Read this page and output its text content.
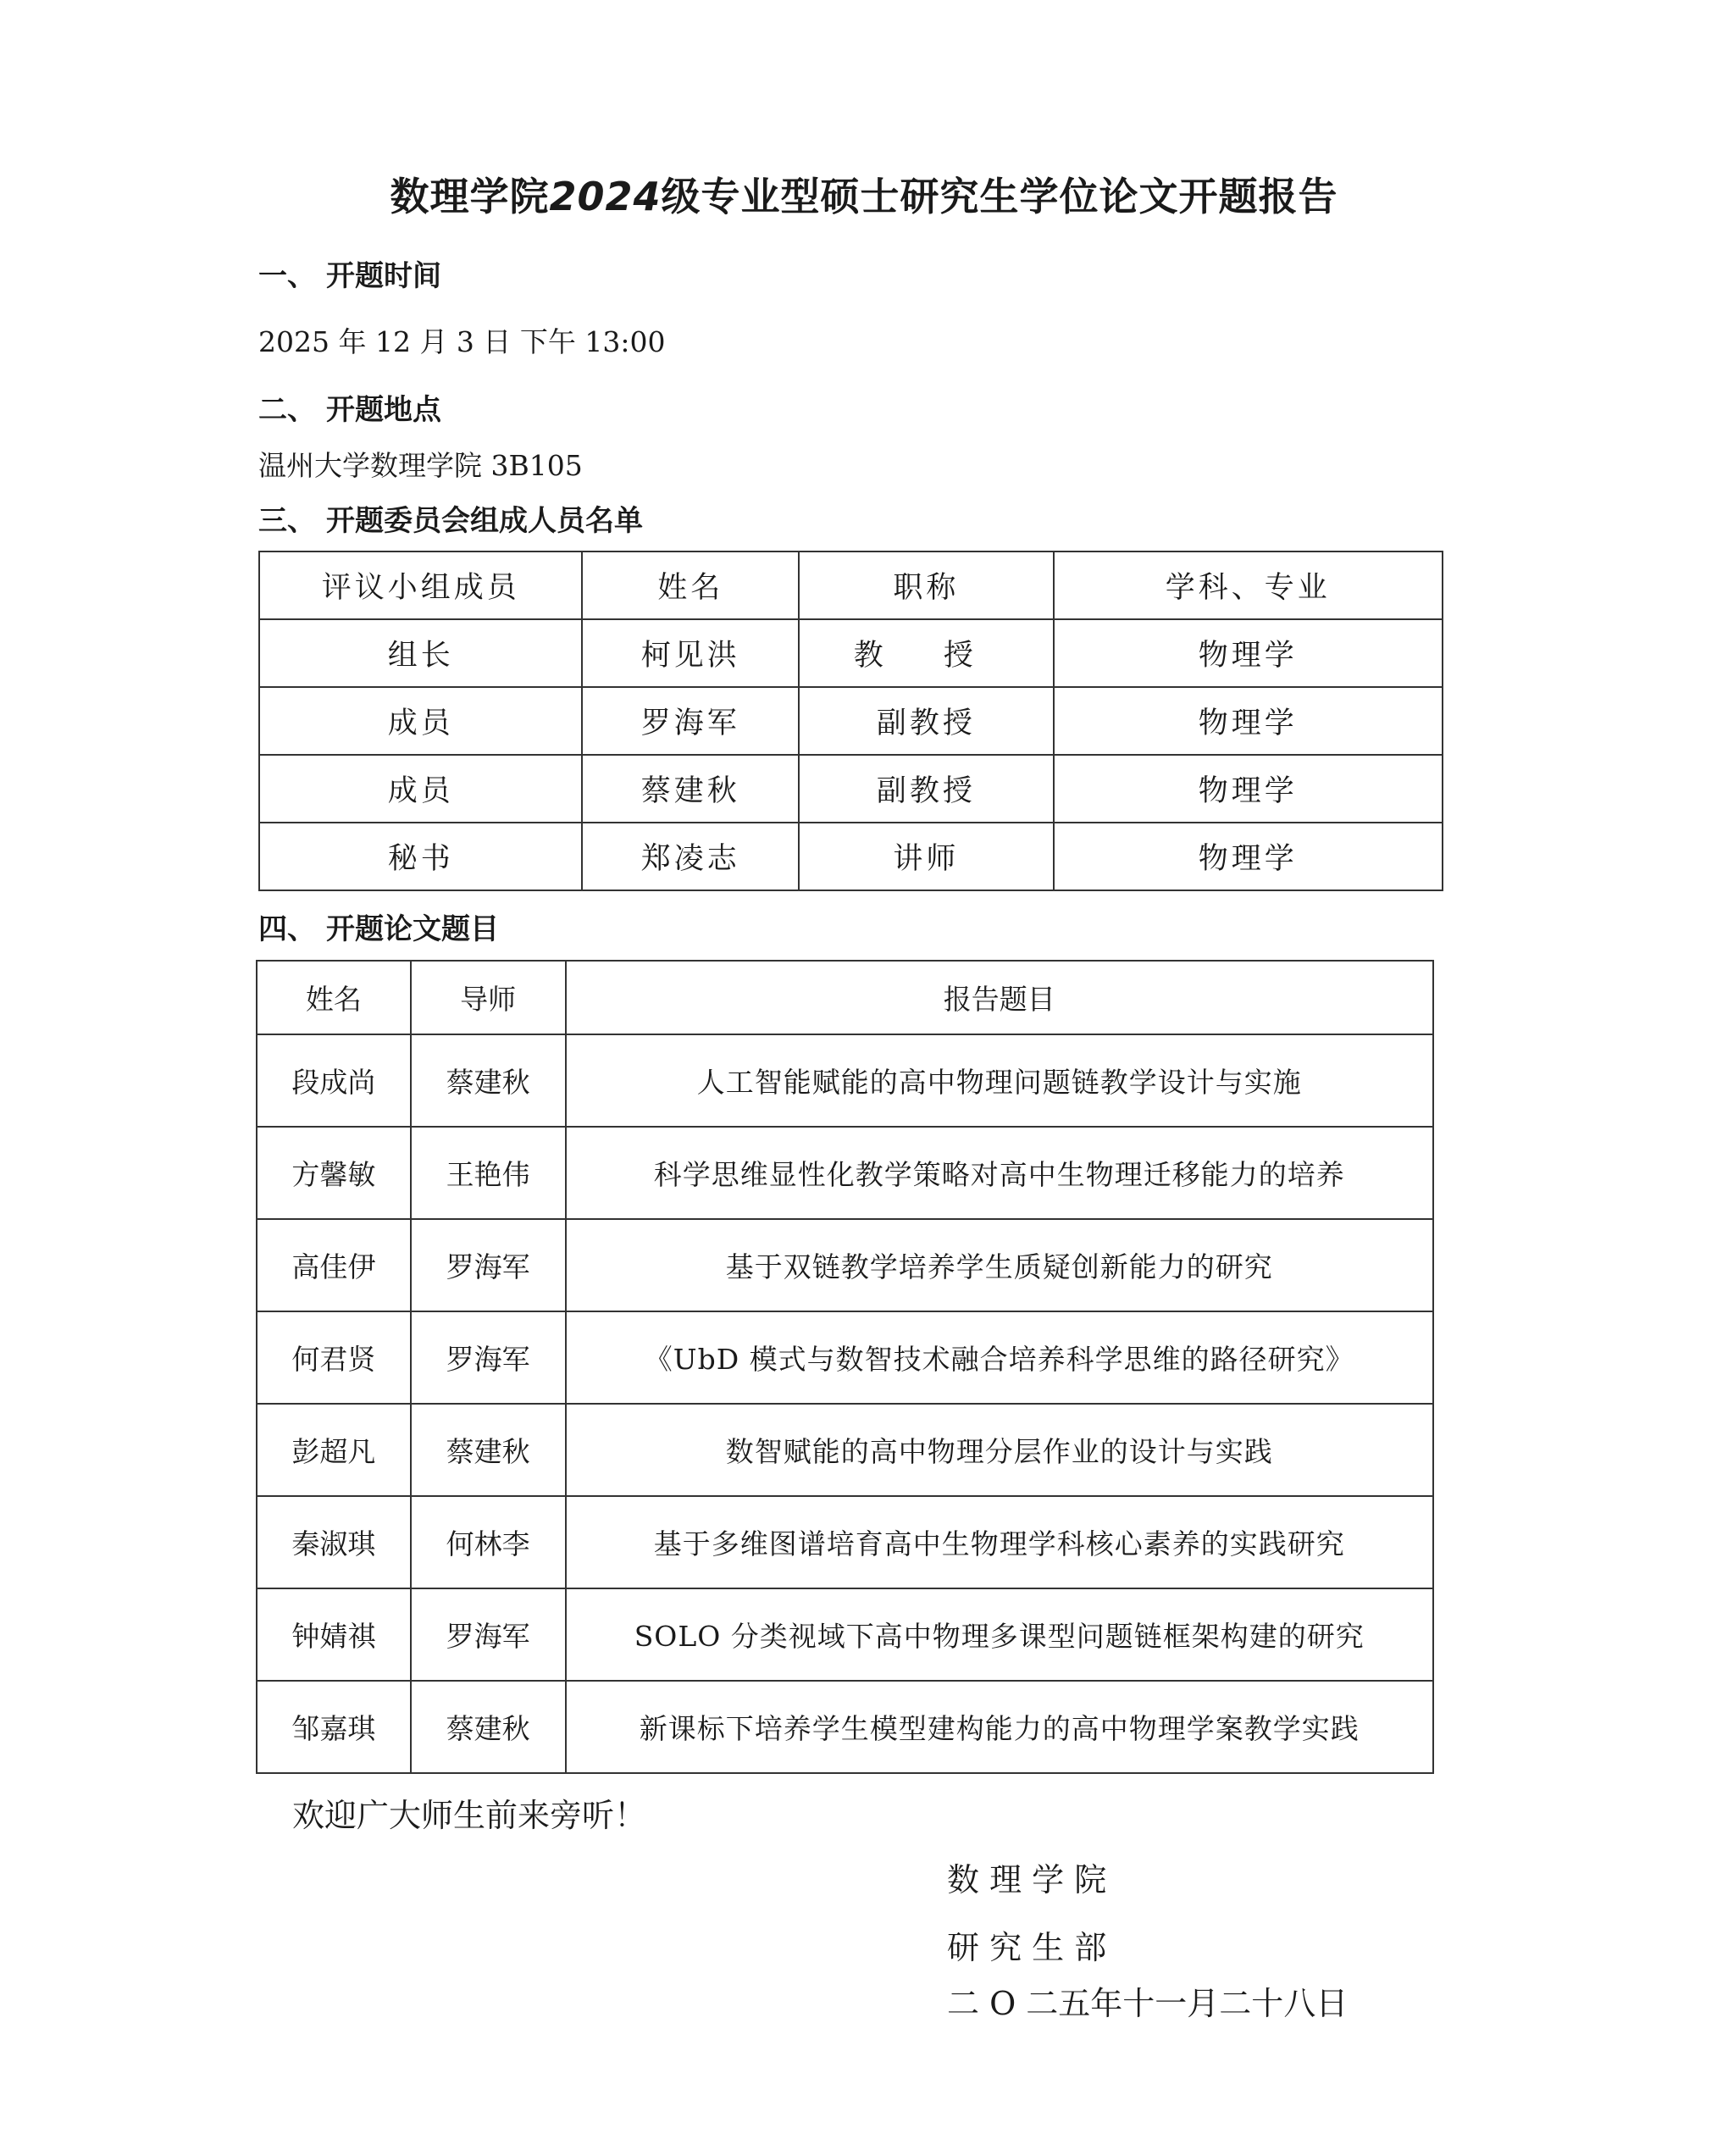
数理学院2024级专业型硕士研究生学位论文开题报告
一、 开题时间
2025 年 12 月 3 日 下午 13:00
二、 开题地点
温州大学数理学院 3B105
三、 开题委员会组成人员名单
评议小组成员	姓名	职称	学科、专业
组长	柯见洪	教 授	物理学
成员	罗海军	副教授	物理学
成员	蔡建秋	副教授	物理学
秘书	郑凌志	讲师	物理学
四、 开题论文题目
姓名	导师	报告题目
段成尚	蔡建秋	人工智能赋能的高中物理问题链教学设计与实施
方馨敏	王艳伟	科学思维显性化教学策略对高中生物理迁移能力的培养
高佳伊	罗海军	基于双链教学培养学生质疑创新能力的研究
何君贤	罗海军	《UbD 模式与数智技术融合培养科学思维的路径研究》
彭超凡	蔡建秋	数智赋能的高中物理分层作业的设计与实践
秦淑琪	何林李	基于多维图谱培育高中生物理学科核心素养的实践研究
钟婧祺	罗海军	SOLO 分类视域下高中物理多课型问题链框架构建的研究
邹嘉琪	蔡建秋	新课标下培养学生模型建构能力的高中物理学案教学实践
欢迎广大师生前来旁听！
数 理 学 院
研 究 生 部
二 O 二五年十一月二十八日
